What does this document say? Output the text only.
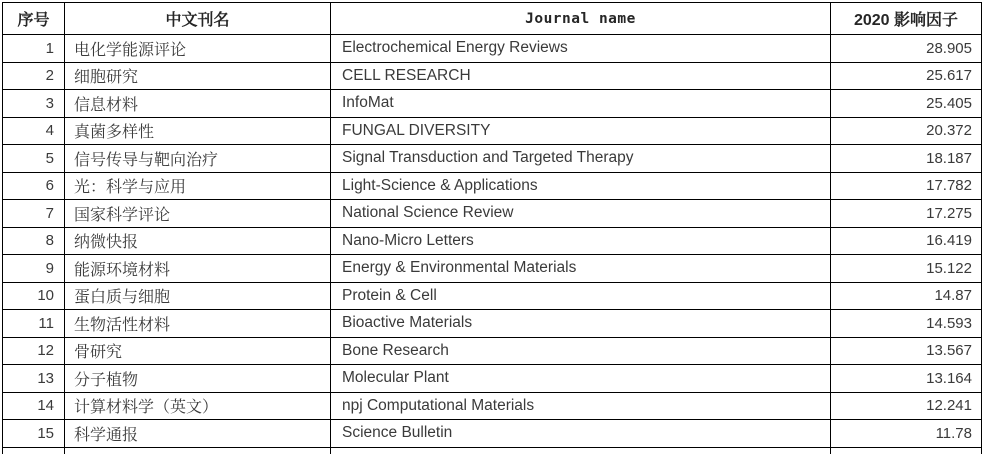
序号	中文刊名	Journal name	2020 影响因子
1	电化学能源评论	Electrochemical Energy Reviews	28.905
2	细胞研究	CELL RESEARCH	25.617
3	信息材料	InfoMat	25.405
4	真菌多样性	FUNGAL DIVERSITY	20.372
5	信号传导与靶向治疗	Signal Transduction and Targeted Therapy	18.187
6	光：科学与应用	Light-Science & Applications	17.782
7	国家科学评论	National Science Review	17.275
8	纳微快报	Nano-Micro Letters	16.419
9	能源环境材料	Energy & Environmental Materials	15.122
10	蛋白质与细胞	Protein & Cell	14.87
11	生物活性材料	Bioactive Materials	14.593
12	骨研究	Bone Research	13.567
13	分子植物	Molecular Plant	13.164
14	计算材料学（英文）	npj Computational Materials	12.241
15	科学通报	Science Bulletin	11.78
